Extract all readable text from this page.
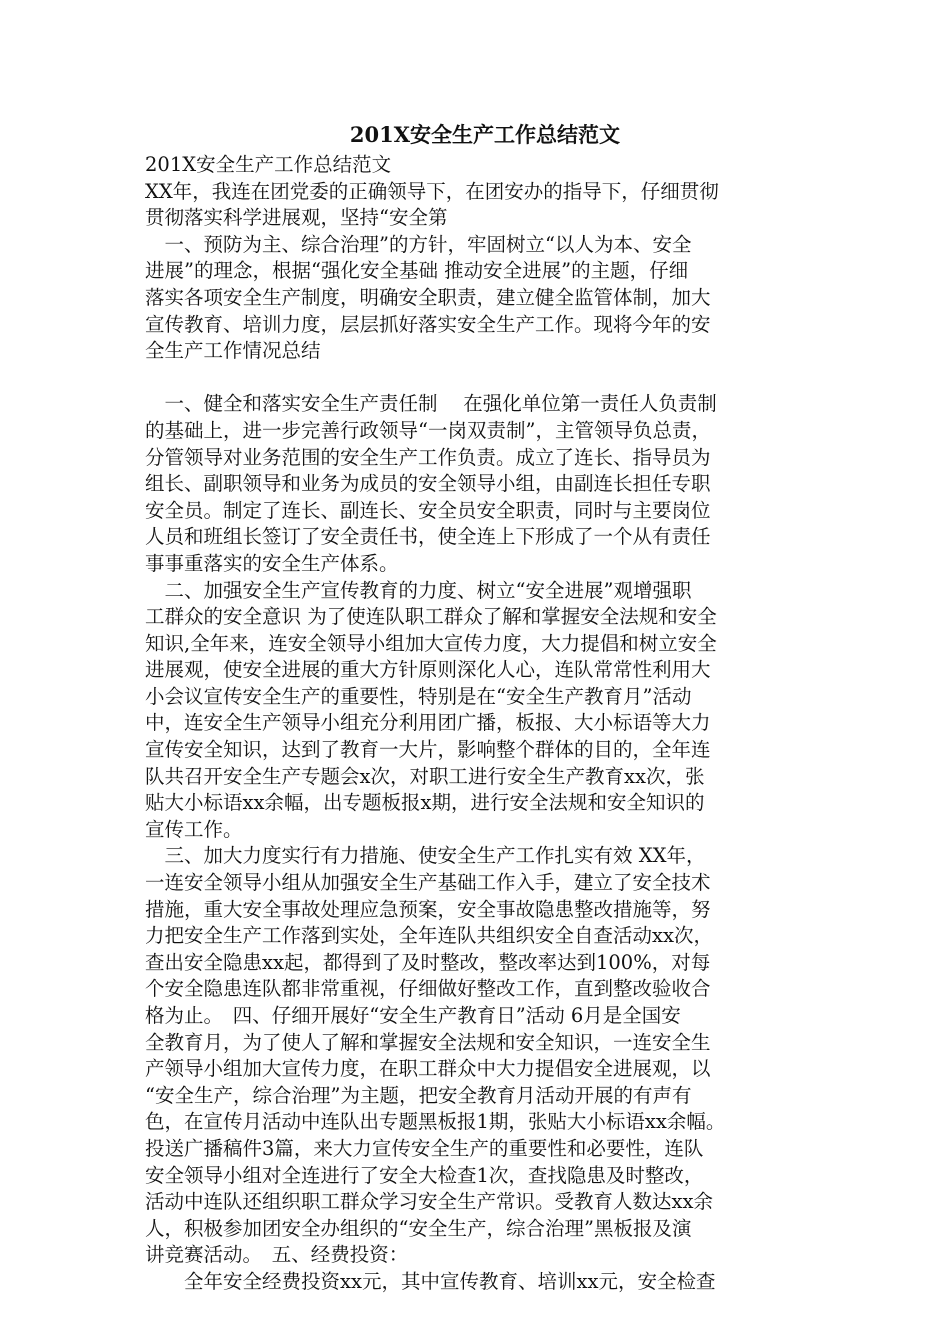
201X安全生产工作总结范文
201X安全生产工作总结范文
XX年，我连在团党委的正确领导下，在团安办的指导下，仔细贯彻
贯彻落实科学进展观，坚持“安全第
　一、预防为主、综合治理”的方针，牢固树立“以人为本、安全
进展”的理念，根据“强化安全基础 推动安全进展”的主题，仔细
落实各项安全生产制度，明确安全职责，建立健全监管体制，加大
宣传教育、培训力度，层层抓好落实安全生产工作。现将今年的安
全生产工作情况总结
　一、健全和落实安全生产责任制　 在强化单位第一责任人负责制
的基础上，进一步完善行政领导“一岗双责制”，主管领导负总责，
分管领导对业务范围的安全生产工作负责。成立了连长、指导员为
组长、副职领导和业务为成员的安全领导小组，由副连长担任专职
安全员。制定了连长、副连长、安全员安全职责，同时与主要岗位
人员和班组长签订了安全责任书，使全连上下形成了一个从有责任
事事重落实的安全生产体系。
　二、加强安全生产宣传教育的力度、树立“安全进展”观增强职
工群众的安全意识 为了使连队职工群众了解和掌握安全法规和安全
知识,全年来，连安全领导小组加大宣传力度，大力提倡和树立安全
进展观，使安全进展的重大方针原则深化人心，连队常常性利用大
小会议宣传安全生产的重要性，特别是在“安全生产教育月”活动
中，连安全生产领导小组充分利用团广播，板报、大小标语等大力
宣传安全知识，达到了教育一大片，影响整个群体的目的，全年连
队共召开安全生产专题会x次，对职工进行安全生产教育xx次，张
贴大小标语xx余幅，出专题板报x期，进行安全法规和安全知识的
宣传工作。
　三、加大力度实行有力措施、使安全生产工作扎实有效 XX年，
一连安全领导小组从加强安全生产基础工作入手，建立了安全技术
措施，重大安全事故处理应急预案，安全事故隐患整改措施等，努
力把安全生产工作落到实处，全年连队共组织安全自查活动xx次，
查出安全隐患xx起，都得到了及时整改，整改率达到100%，对每
个安全隐患连队都非常重视，仔细做好整改工作，直到整改验收合
格为止。　四、仔细开展好“安全生产教育日”活动 6月是全国安
全教育月，为了使人了解和掌握安全法规和安全知识，一连安全生
产领导小组加大宣传力度，在职工群众中大力提倡安全进展观，以
“安全生产，综合治理”为主题，把安全教育月活动开展的有声有
色，在宣传月活动中连队出专题黑板报1期，张贴大小标语xx余幅。
投送广播稿件3篇，来大力宣传安全生产的重要性和必要性，连队
安全领导小组对全连进行了安全大检查1次，查找隐患及时整改，
活动中连队还组织职工群众学习安全生产常识。受教育人数达xx余
人，积极参加团安全办组织的“安全生产，综合治理”黑板报及演
讲竞赛活动。　五、经费投资：
　　全年安全经费投资xx元，其中宣传教育、培训xx元，安全检查
